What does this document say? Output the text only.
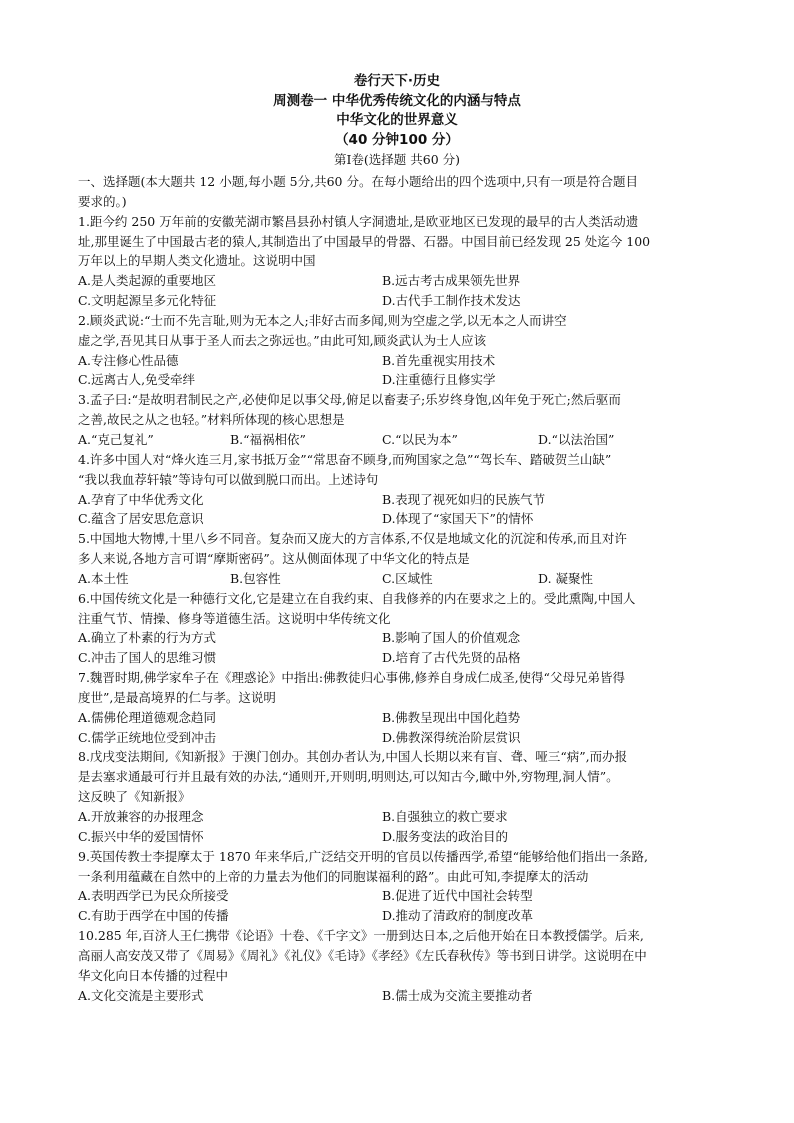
卷行天下·历史
周测卷一 中华优秀传统文化的内涵与特点
中华文化的世界意义
（40 分钟100 分）
第Ⅰ卷(选择题 共60 分)
一、选择题(本大题共 12 小题,每小题 5分,共60 分。在每小题给出的四个选项中,只有一项是符合题目
要求的。)
1.距今约 250 万年前的安徽芜湖市繁昌县孙村镇人字洞遗址,是欧亚地区已发现的最早的古人类活动遗
址,那里诞生了中国最古老的猿人,其制造出了中国最早的骨器、石器。中国目前已经发现 25 处迄今 100
万年以上的早期人类文化遗址。这说明中国
A.是人类起源的重要地区	B.远古考古成果领先世界
C.文明起源呈多元化特征	D.古代手工制作技术发达
2.顾炎武说:“士而不先言耻,则为无本之人;非好古而多闻,则为空虚之学,以无本之人而讲空
虚之学,吾见其日从事于圣人而去之弥远也。”由此可知,顾炎武认为士人应该
A.专注修心性品德	B.首先重视实用技术
C.远离古人,免受牵绊	D.注重德行且修实学
3.孟子曰:“是故明君制民之产,必使仰足以事父母,俯足以畜妻子;乐岁终身饱,凶年免于死亡;然后驱而
之善,故民之从之也轻。”材料所体现的核心思想是
A.“克己复礼”	B.“福祸相依”	C.“以民为本”	D.“以法治国”
4.许多中国人对“烽火连三月,家书抵万金”“常思奋不顾身,而殉国家之急”“驾长车、踏破贺兰山缺”
“我以我血荐轩辕”等诗句可以做到脱口而出。上述诗句
A.孕育了中华优秀文化	B.表现了视死如归的民族气节
C.蕴含了居安思危意识	D.体现了“家国天下”的情怀
5.中国地大物博,十里八乡不同音。复杂而又庞大的方言体系,不仅是地域文化的沉淀和传承,而且对许
多人来说,各地方言可谓“摩斯密码”。这从侧面体现了中华文化的特点是
A.本土性	B.包容性	C.区域性	D. 凝聚性
6.中国传统文化是一种德行文化,它是建立在自我约束、自我修养的内在要求之上的。受此熏陶,中国人
注重气节、情操、修身等道德生活。这说明中华传统文化
A.确立了朴素的行为方式	B.影响了国人的价值观念
C.冲击了国人的思维习惯	D.培育了古代先贤的品格
7.魏晋时期,佛学家牟子在《理惑论》中指出:佛教徒归心事佛,修养自身成仁成圣,使得“父母兄弟皆得
度世”,是最高境界的仁与孝。这说明
A.儒佛伦理道德观念趋同	B.佛教呈现出中国化趋势
C.儒学正统地位受到冲击	D.佛教深得统治阶层赏识
8.戊戌变法期间,《知新报》于澳门创办。其创办者认为,中国人长期以来有盲、聋、哑三“病”,而办报
是去塞求通最可行并且最有效的办法,“通则开,开则明,明则达,可以知古今,瞰中外,穷物理,洞人情”。
这反映了《知新报》
A.开放兼容的办报理念	B.自强独立的救亡要求
C.振兴中华的爱国情怀	D.服务变法的政治目的
9.英国传教士李提摩太于 1870 年来华后,广泛结交开明的官员以传播西学,希望“能够给他们指出一条路,
一条利用蕴藏在自然中的上帝的力量去为他们的同胞谋福利的路”。由此可知,李提摩太的活动
A.表明西学已为民众所接受	B.促进了近代中国社会转型
C.有助于西学在中国的传播	D.推动了清政府的制度改革
10.285 年,百济人王仁携带《论语》十卷、《千字文》一册到达日本,之后他开始在日本教授儒学。后来,
高丽人高安茂又带了《周易》《周礼》《礼仪》《毛诗》《孝经》《左氏春秋传》等书到日讲学。这说明在中
华文化向日本传播的过程中
A.文化交流是主要形式	B.儒士成为交流主要推动者
